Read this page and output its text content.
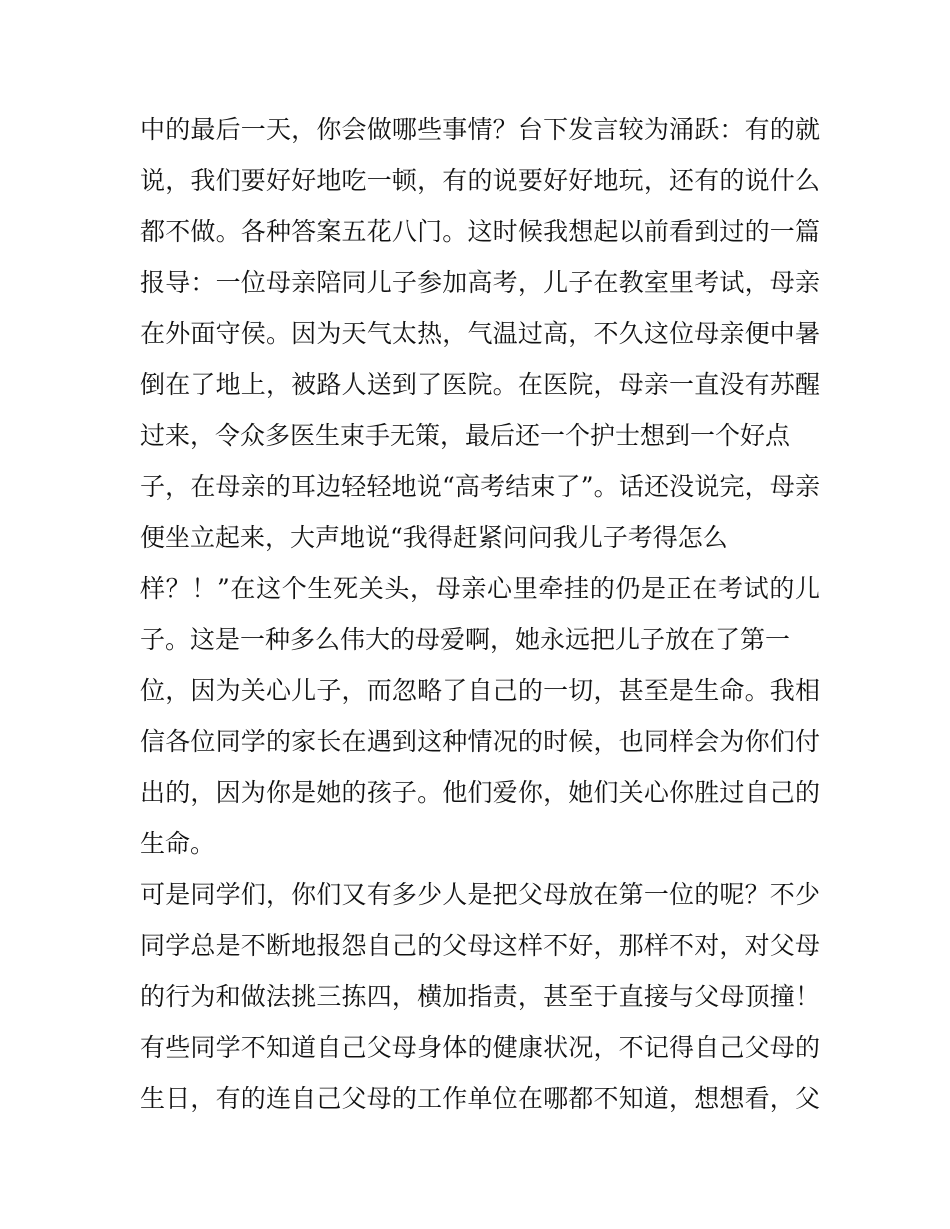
中的最后一天，你会做哪些事情？台下发言较为涌跃：有的就
说，我们要好好地吃一顿，有的说要好好地玩，还有的说什么
都不做。各种答案五花八门。这时候我想起以前看到过的一篇
报导：一位母亲陪同儿子参加高考，儿子在教室里考试，母亲
在外面守侯。因为天气太热，气温过高，不久这位母亲便中暑
倒在了地上，被路人送到了医院。在医院，母亲一直没有苏醒
过来，令众多医生束手无策，最后还一个护士想到一个好点
子，在母亲的耳边轻轻地说“高考结束了”。话还没说完，母亲
便坐立起来，大声地说“我得赶紧问问我儿子考得怎么
样？！”在这个生死关头，母亲心里牵挂的仍是正在考试的儿
子。这是一种多么伟大的母爱啊，她永远把儿子放在了第一
位，因为关心儿子，而忽略了自己的一切，甚至是生命。我相
信各位同学的家长在遇到这种情况的时候，也同样会为你们付
出的，因为你是她的孩子。他们爱你，她们关心你胜过自己的
生命。
可是同学们，你们又有多少人是把父母放在第一位的呢？不少
同学总是不断地报怨自己的父母这样不好，那样不对，对父母
的行为和做法挑三拣四，横加指责，甚至于直接与父母顶撞！
有些同学不知道自己父母身体的健康状况，不记得自己父母的
生日，有的连自己父母的工作单位在哪都不知道，想想看，父
